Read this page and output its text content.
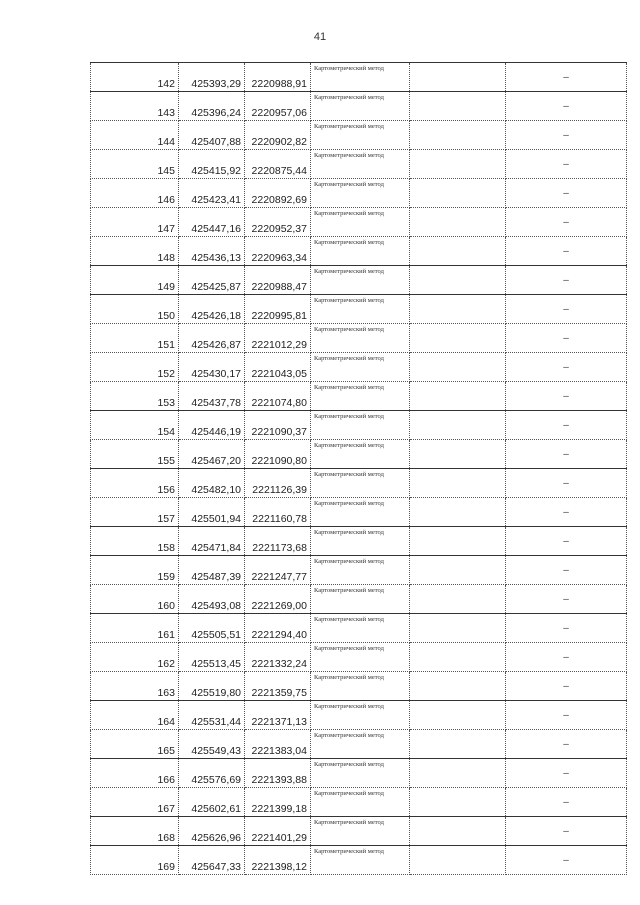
41
142	425393,29	2220988,91	Картометрический метод		–
143	425396,24	2220957,06	Картометрический метод		–
144	425407,88	2220902,82	Картометрический метод		–
145	425415,92	2220875,44	Картометрический метод		–
146	425423,41	2220892,69	Картометрический метод		–
147	425447,16	2220952,37	Картометрический метод		–
148	425436,13	2220963,34	Картометрический метод		–
149	425425,87	2220988,47	Картометрический метод		–
150	425426,18	2220995,81	Картометрический метод		–
151	425426,87	2221012,29	Картометрический метод		–
152	425430,17	2221043,05	Картометрический метод		–
153	425437,78	2221074,80	Картометрический метод		–
154	425446,19	2221090,37	Картометрический метод		–
155	425467,20	2221090,80	Картометрический метод		–
156	425482,10	2221126,39	Картометрический метод		–
157	425501,94	2221160,78	Картометрический метод		–
158	425471,84	2221173,68	Картометрический метод		–
159	425487,39	2221247,77	Картометрический метод		–
160	425493,08	2221269,00	Картометрический метод		–
161	425505,51	2221294,40	Картометрический метод		–
162	425513,45	2221332,24	Картометрический метод		–
163	425519,80	2221359,75	Картометрический метод		–
164	425531,44	2221371,13	Картометрический метод		–
165	425549,43	2221383,04	Картометрический метод		–
166	425576,69	2221393,88	Картометрический метод		–
167	425602,61	2221399,18	Картометрический метод		–
168	425626,96	2221401,29	Картометрический метод		–
169	425647,33	2221398,12	Картометрический метод		–
